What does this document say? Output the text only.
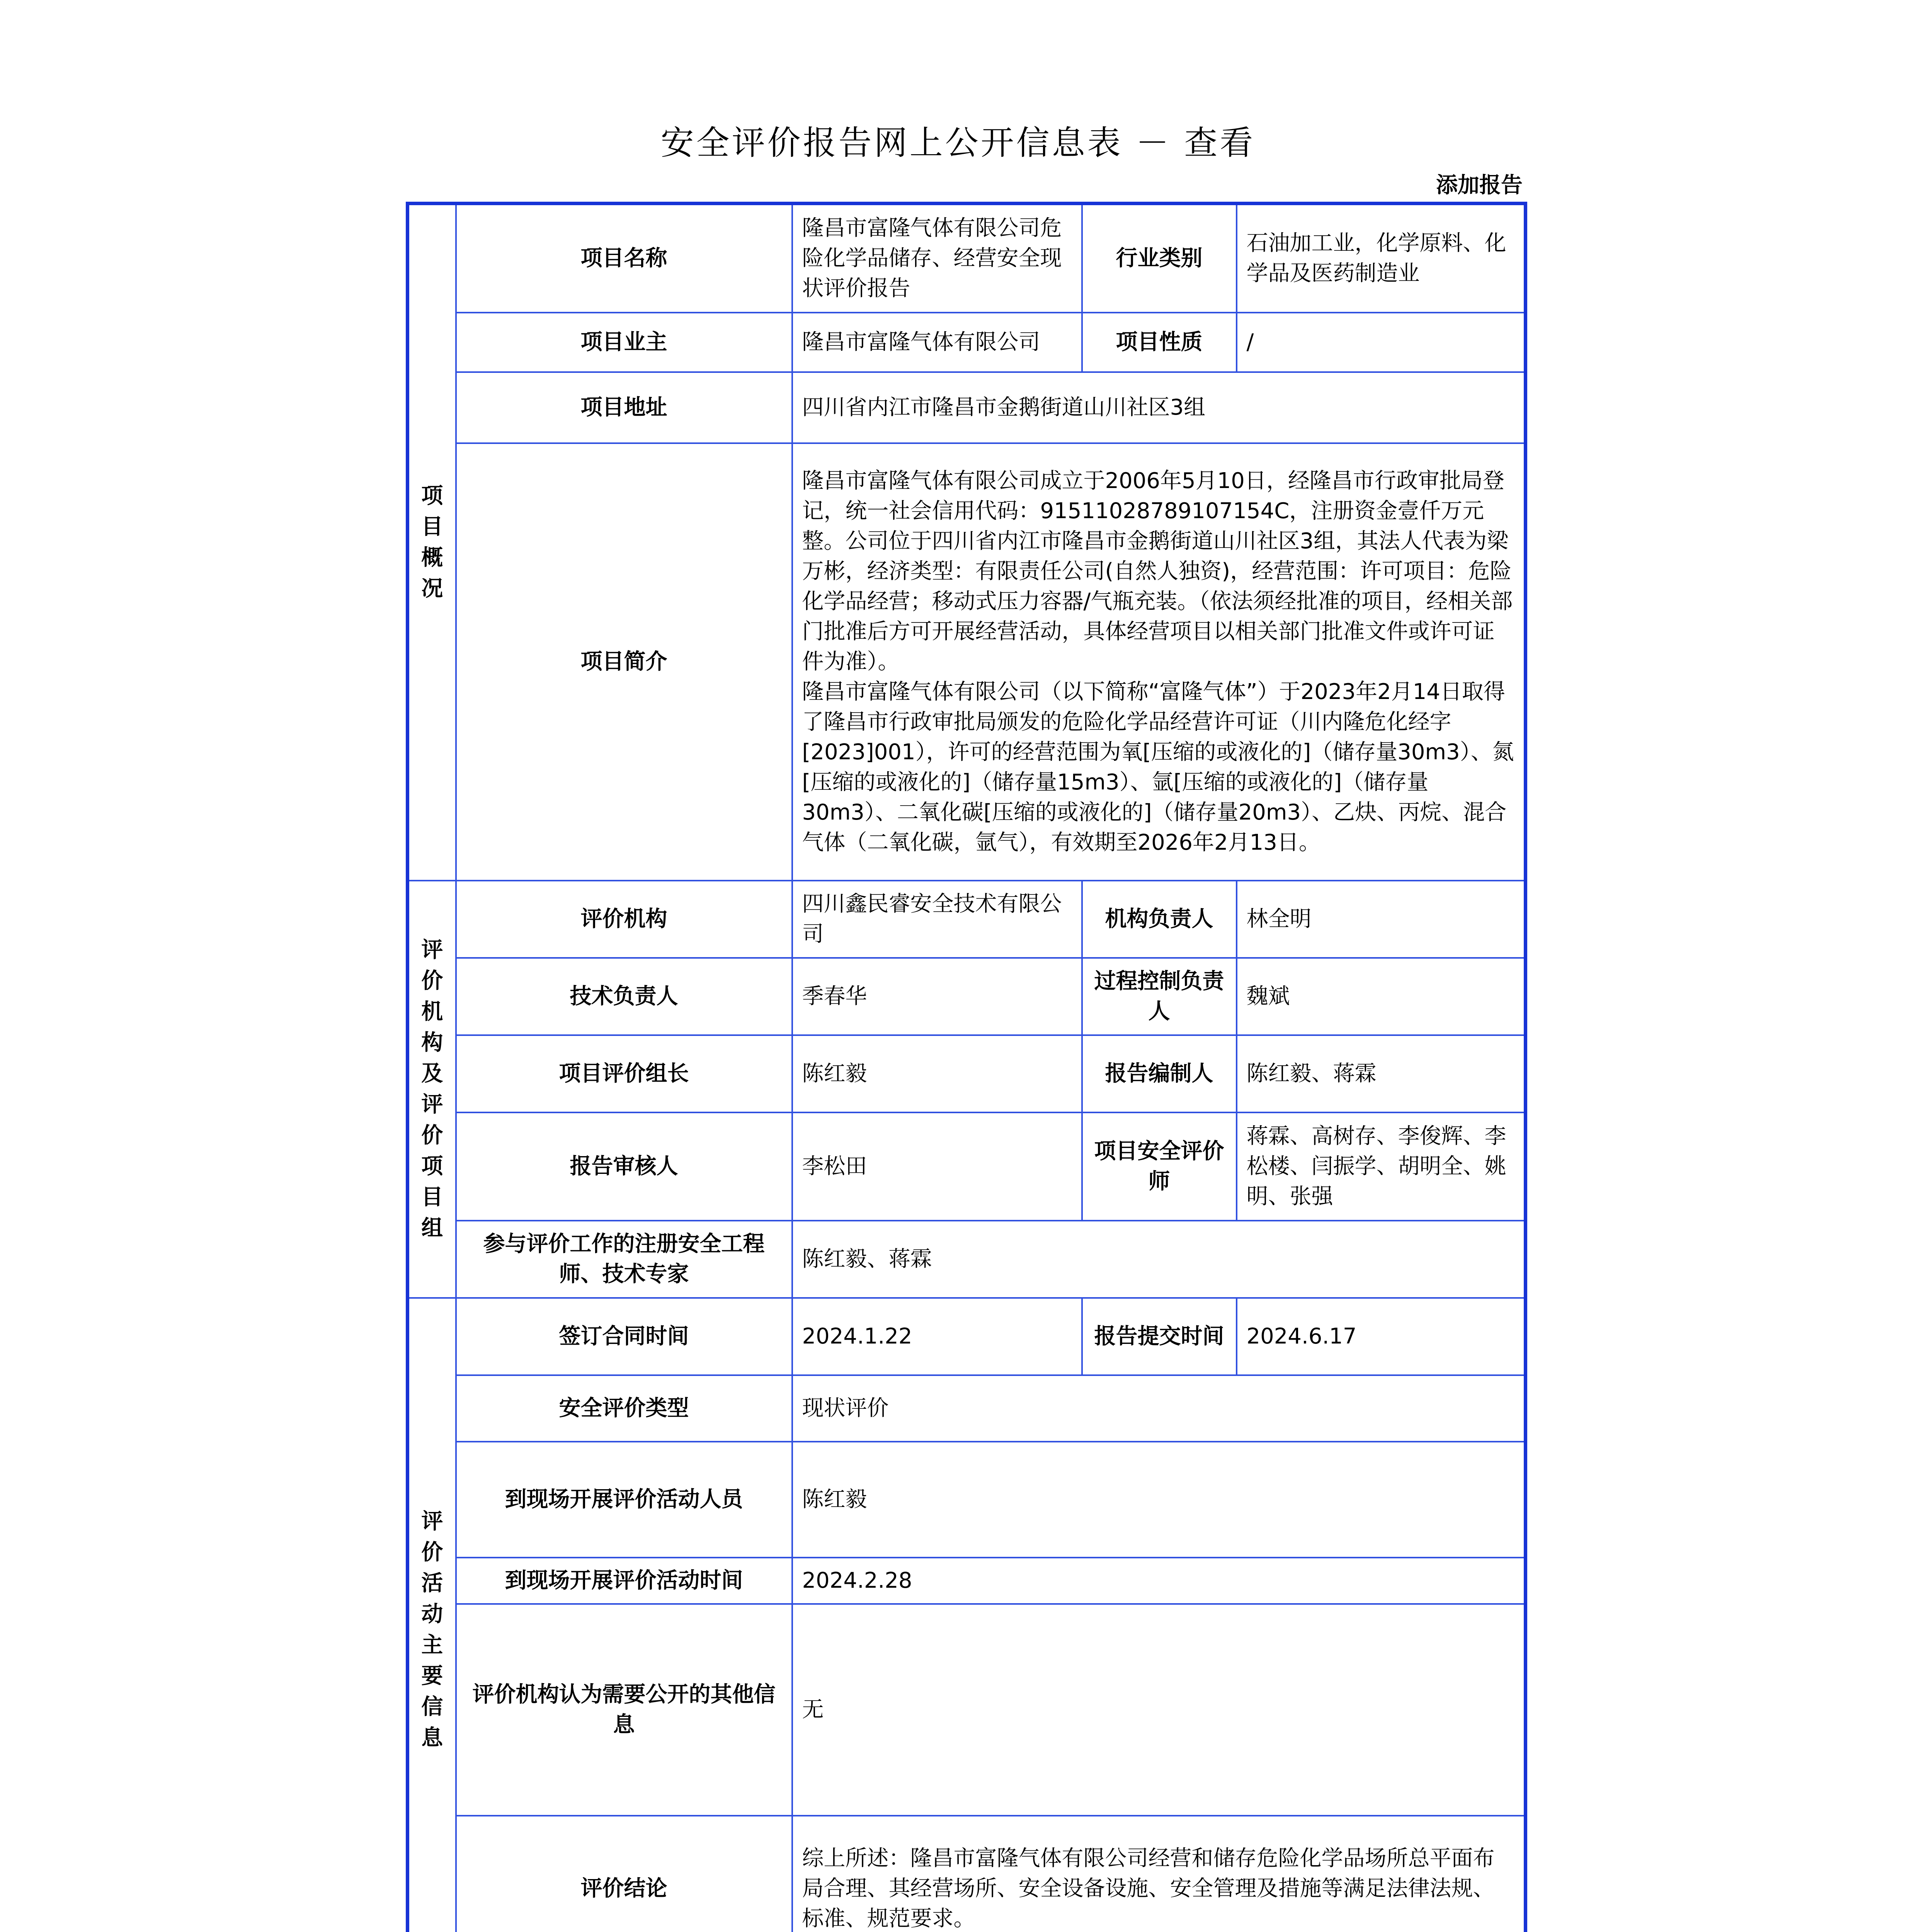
安全评价报告网上公开信息表 － 查看
添加报告
项目概况	项目名称	隆昌市富隆气体有限公司危险化学品储存、经营安全现状评价报告	行业类别	石油加工业，化学原料、化学品及医药制造业
	项目业主	隆昌市富隆气体有限公司	项目性质	/
	项目地址	四川省内江市隆昌市金鹅街道山川社区3组		
	项目简介	隆昌市富隆气体有限公司成立于2006年5月10日，经隆昌市行政审批局登记，统一社会信用代码：91511028789107154C，注册资金壹仟万元整。公司位于四川省内江市隆昌市金鹅街道山川社区3组，其法人代表为梁万彬，经济类型：有限责任公司(自然人独资)，经营范围：许可项目：危险化学品经营；移动式压力容器/气瓶充装。（依法须经批准的项目，经相关部门批准后方可开展经营活动，具体经营项目以相关部门批准文件或许可证件为准）。
隆昌市富隆气体有限公司（以下简称“富隆气体”）于2023年2月14日取得了隆昌市行政审批局颁发的危险化学品经营许可证（川内隆危化经字[2023]001），许可的经营范围为氧[压缩的或液化的]（储存量30m3）、氮[压缩的或液化的]（储存量15m3）、氩[压缩的或液化的]（储存量30m3）、二氧化碳[压缩的或液化的]（储存量20m3）、乙炔、丙烷、混合气体（二氧化碳，氩气），有效期至2026年2月13日。		

评价机构及评价项目组	评价机构	四川鑫民睿安全技术有限公司	机构负责人	林全明
	技术负责人	季春华	过程控制负责人	魏斌
	项目评价组长	陈红毅	报告编制人	陈红毅、蒋霖
	报告审核人	李松田	项目安全评价师	蒋霖、高树存、李俊辉、李松楼、闫振学、胡明全、姚明、张强
	参与评价工作的注册安全工程师、技术专家	陈红毅、蒋霖		
评价活动主要信息	签订合同时间	2024.1.22	报告提交时间	2024.6.17
	安全评价类型	现状评价		
	到现场开展评价活动人员	陈红毅		
	到现场开展评价活动时间	2024.2.28		
	评价机构认为需要公开的其他信息	无		
	评价结论	综上所述：隆昌市富隆气体有限公司经营和储存危险化学品场所总平面布局合理、其经营场所、安全设备设施、安全管理及措施等满足法律法规、标准、规范要求。		
